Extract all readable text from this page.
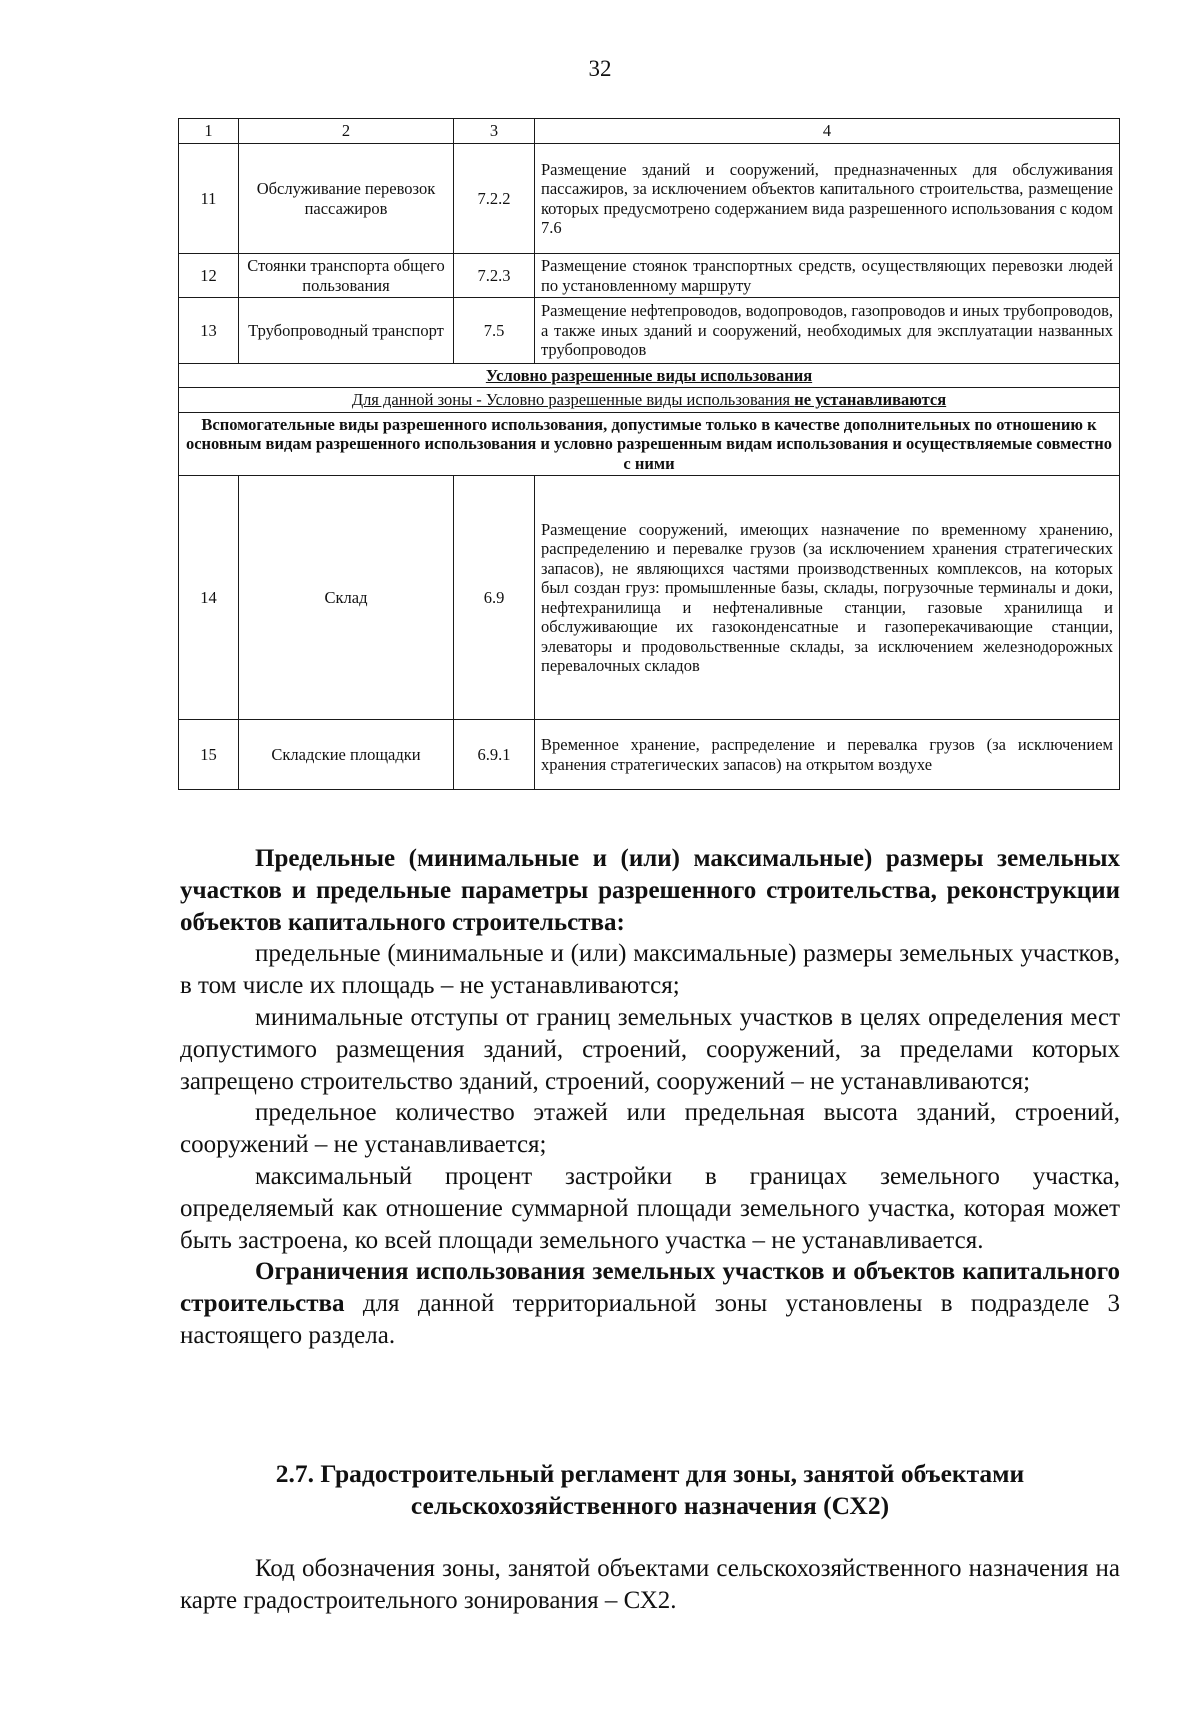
32
1	2	3	4
11	Обслуживание перевозок пассажиров	7.2.2	Размещение зданий и сооружений, предназначенных для обслуживания пассажиров, за исключением объектов капитального строительства, размещение которых предусмотрено содержанием вида разрешенного использования с кодом 7.6
12	Стоянки транспорта общего пользования	7.2.3	Размещение стоянок транспортных средств, осуществляющих перевозки людей по установленному маршруту
13	Трубопроводный транспорт	7.5	Размещение нефтепроводов, водопроводов, газопроводов и иных трубопроводов, а также иных зданий и сооружений, необходимых для эксплуатации названных трубопроводов
Условно разрешенные виды использования			
Для данной зоны - Условно разрешенные виды использования не устанавливаются			
Вспомогательные виды разрешенного использования, допустимые только в качестве дополнительных по отношению к основным видам разрешенного использования и условно разрешенным видам использования и осуществляемые совместно с ними			
14	Склад	6.9	Размещение сооружений, имеющих назначение по временному хранению, распределению и перевалке грузов (за исключением хранения стратегических запасов), не являющихся частями производственных комплексов, на которых был создан груз: промышленные базы, склады, погрузочные терминалы и доки, нефтехранилища и нефтеналивные станции, газовые хранилища и обслуживающие их газоконденсатные и газоперекачивающие станции, элеваторы и продовольственные склады, за исключением железнодорожных перевалочных складов
15	Складские площадки	6.9.1	Временное хранение, распределение и перевалка грузов (за исключением хранения стратегических запасов) на открытом воздухе

Предельные (минимальные и (или) максимальные) размеры земельных участков и предельные параметры разрешенного строительства, реконструкции объектов капитального строительства:

предельные (минимальные и (или) максимальные) размеры земельных участков, в том числе их площадь – не устанавливаются;

минимальные отступы от границ земельных участков в целях определения мест допустимого размещения зданий, строений, сооружений, за пределами которых запрещено строительство зданий, строений, сооружений – не устанавливаются;

предельное количество этажей или предельная высота зданий, строений, сооружений – не устанавливается;

максимальный процент застройки в границах земельного участка, определяемый как отношение суммарной площади земельного участка, которая может быть застроена, ко всей площади земельного участка – не устанавливается.

Ограничения использования земельных участков и объектов капитального строительства для данной территориальной зоны установлены в подразделе 3 настоящего раздела.

2.7. Градостроительный регламент для зоны, занятой объектами сельскохозяйственного назначения (СХ2)

Код обозначения зоны, занятой объектами сельскохозяйственного назначения на карте градостроительного зонирования – СХ2.
